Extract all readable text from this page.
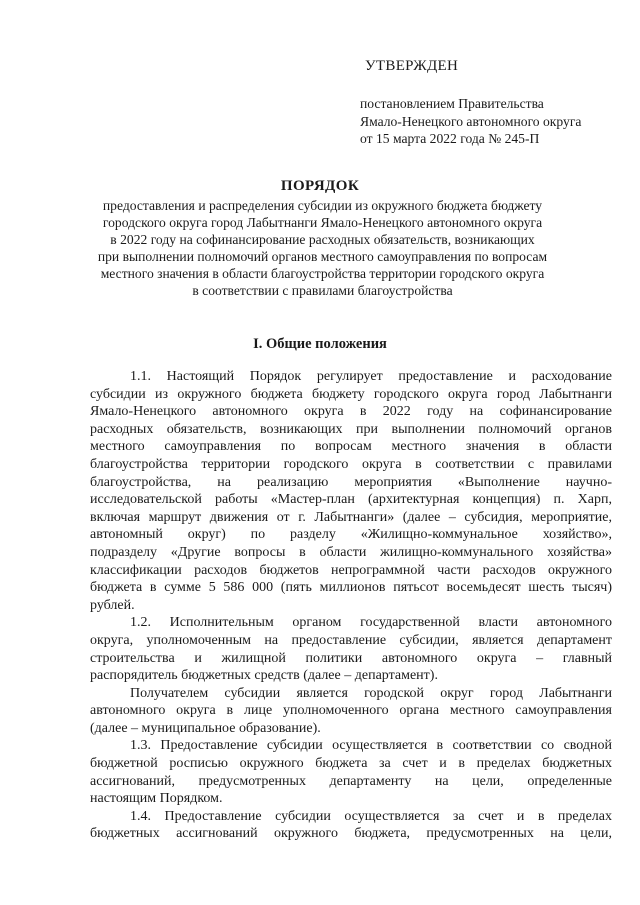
УТВЕРЖДЕН
постановлением Правительства
Ямало-Ненецкого автономного округа
от 15 марта 2022 года № 245-П
ПОРЯДОК
предоставления и распределения субсидии из окружного бюджета бюджету
городского округа город Лабытнанги Ямало-Ненецкого автономного округа
в 2022 году на софинансирование расходных обязательств, возникающих
при выполнении полномочий органов местного самоуправления по вопросам
местного значения в области благоустройства территории городского округа
в соответствии с правилами благоустройства
I. Общие положения
1.1. Настоящий Порядок регулирует предоставление и расходование
субсидии из окружного бюджета бюджету городского округа город Лабытнанги
Ямало-Ненецкого автономного округа в 2022 году на софинансирование
расходных обязательств, возникающих при выполнении полномочий органов
местного самоуправления по вопросам местного значения в области
благоустройства территории городского округа в соответствии с правилами
благоустройства, на реализацию мероприятия «Выполнение научно-
исследовательской работы «Мастер-план (архитектурная концепция) п. Харп,
включая маршрут движения от г. Лабытнанги» (далее – субсидия, мероприятие,
автономный округ) по разделу «Жилищно-коммунальное хозяйство»,
подразделу «Другие вопросы в области жилищно-коммунального хозяйства»
классификации расходов бюджетов непрограммной части расходов окружного
бюджета в сумме 5 586 000 (пять миллионов пятьсот восемьдесят шесть тысяч)
рублей.
1.2. Исполнительным органом государственной власти автономного
округа, уполномоченным на предоставление субсидии, является департамент
строительства и жилищной политики автономного округа – главный
распорядитель бюджетных средств (далее – департамент).
Получателем субсидии является городской округ город Лабытнанги
автономного округа в лице уполномоченного органа местного самоуправления
(далее – муниципальное образование).
1.3. Предоставление субсидии осуществляется в соответствии со сводной
бюджетной росписью окружного бюджета за счет и в пределах бюджетных
ассигнований, предусмотренных департаменту на цели, определенные
настоящим Порядком.
1.4. Предоставление субсидии осуществляется за счет и в пределах
бюджетных ассигнований окружного бюджета, предусмотренных на цели,
